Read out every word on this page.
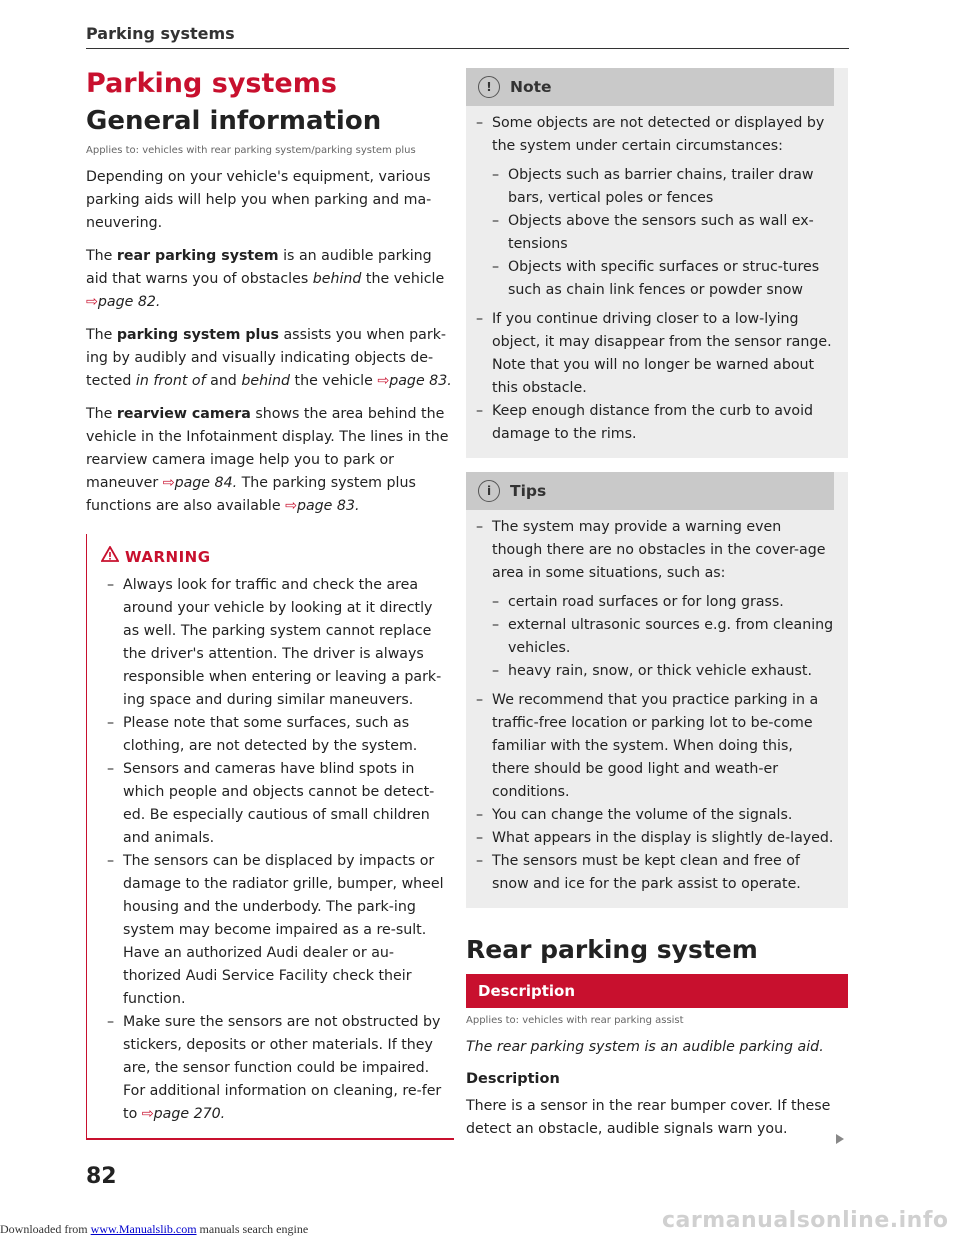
Parking systems
Parking systems
General information
Applies to: vehicles with rear parking system/parking system plus

Depending on your vehicle's equipment, various parking aids will help you when parking and ma-neuvering.

The rear parking system is an audible parking aid that warns you of obstacles behind the vehicle ⇨page 82.

The parking system plus assists you when park-ing by audibly and visually indicating objects de-tected in front of and behind the vehicle ⇨page 83.

The rearview camera shows the area behind the vehicle in the Infotainment display. The lines in the rearview camera image help you to park or maneuver ⇨page 84. The parking system plus functions are also available ⇨page 83.

WARNING
– Always look for traffic and check the area around your vehicle by looking at it directly as well. The parking system cannot replace the driver's attention. The driver is always responsible when entering or leaving a park-ing space and during similar maneuvers.
– Please note that some surfaces, such as clothing, are not detected by the system.
– Sensors and cameras have blind spots in which people and objects cannot be detect-ed. Be especially cautious of small children and animals.
– The sensors can be displaced by impacts or damage to the radiator grille, bumper, wheel housing and the underbody. The park-ing system may become impaired as a re-sult. Have an authorized Audi dealer or au-thorized Audi Service Facility check their function.
– Make sure the sensors are not obstructed by stickers, deposits or other materials. If they are, the sensor function could be impaired. For additional information on cleaning, re-fer to ⇨page 270.
!	Note
– Some objects are not detected or displayed by the system under certain circumstances:
– Objects such as barrier chains, trailer draw bars, vertical poles or fences
– Objects above the sensors such as wall ex-tensions
– Objects with specific surfaces or struc-tures such as chain link fences or powder snow
– If you continue driving closer to a low-lying object, it may disappear from the sensor range. Note that you will no longer be warned about this obstacle.
– Keep enough distance from the curb to avoid damage to the rims.
i	Tips
– The system may provide a warning even though there are no obstacles in the cover-age area in some situations, such as:
– certain road surfaces or for long grass.
– external ultrasonic sources e.g. from cleaning vehicles.
– heavy rain, snow, or thick vehicle exhaust.
– We recommend that you practice parking in a traffic-free location or parking lot to be-come familiar with the system. When doing this, there should be good light and weath-er conditions.
– You can change the volume of the signals.
– What appears in the display is slightly de-layed.
– The sensors must be kept clean and free of snow and ice for the park assist to operate.
Rear parking system
Description
Applies to: vehicles with rear parking assist

The rear parking system is an audible parking aid.

Description

There is a sensor in the rear bumper cover. If these detect an obstacle, audible signals warn you.

82
carmanualsonline.info
Downloaded from www.Manualslib.com manuals search engine
